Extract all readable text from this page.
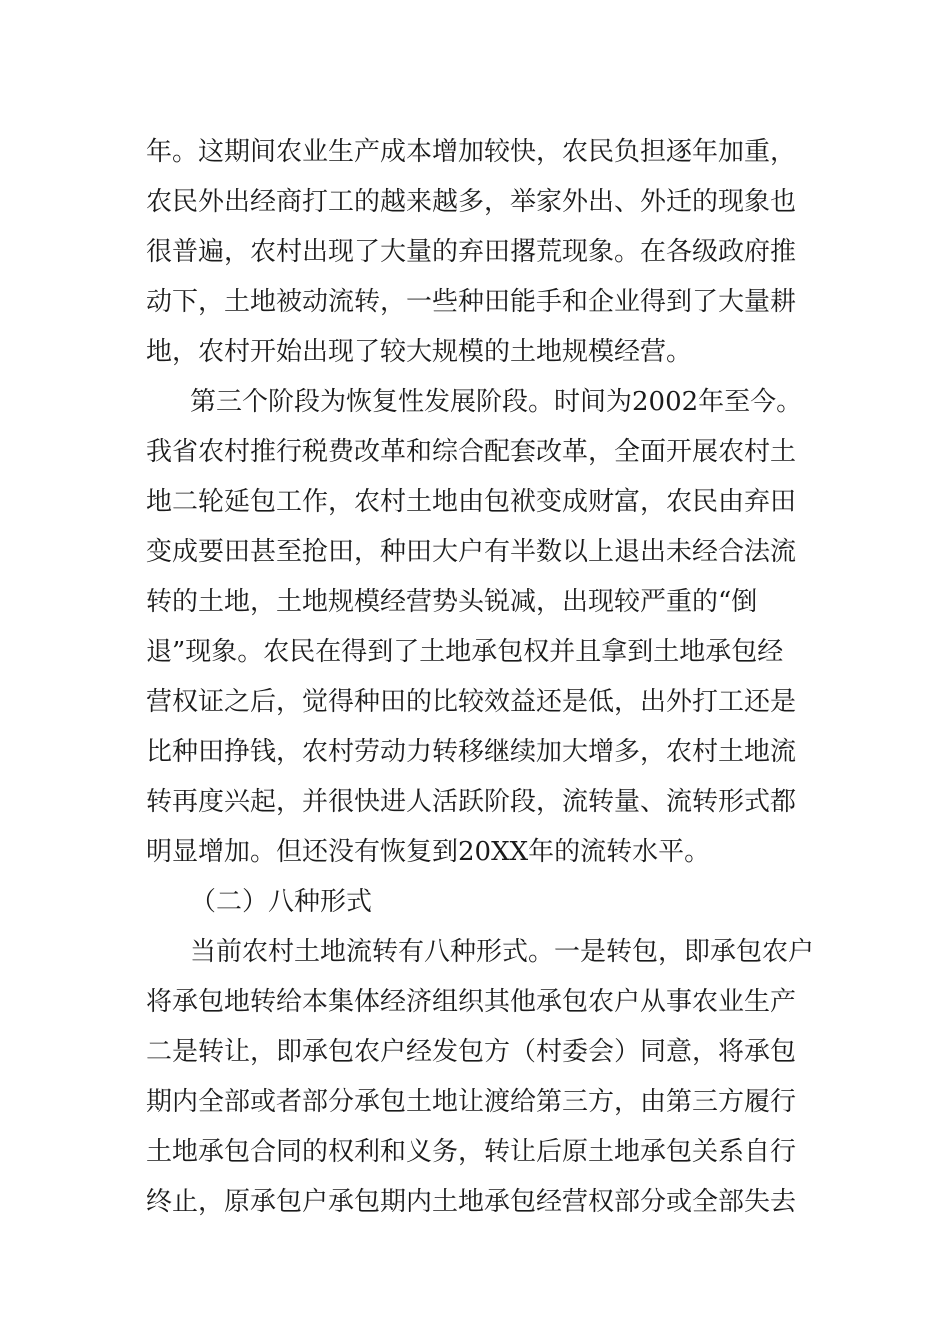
年。这期间农业生产成本增加较快，农民负担逐年加重，
农民外出经商打工的越来越多，举家外出、外迁的现象也
很普遍，农村出现了大量的弃田撂荒现象。在各级政府推
动下，土地被动流转，一些种田能手和企业得到了大量耕
地，农村开始出现了较大规模的土地规模经营。
第三个阶段为恢复性发展阶段。时间为2002年至今。
我省农村推行税费改革和综合配套改革，全面开展农村土
地二轮延包工作，农村土地由包袱变成财富，农民由弃田
变成要田甚至抢田，种田大户有半数以上退出未经合法流
转的土地，土地规模经营势头锐减，出现较严重的“倒
退”现象。农民在得到了土地承包权并且拿到土地承包经
营权证之后，觉得种田的比较效益还是低，出外打工还是
比种田挣钱，农村劳动力转移继续加大增多，农村土地流
转再度兴起，并很快进人活跃阶段，流转量、流转形式都
明显增加。但还没有恢复到20XX年的流转水平。
（二）八种形式
当前农村土地流转有八种形式。一是转包，即承包农户
将承包地转给本集体经济组织其他承包农户从事农业生产
二是转让，即承包农户经发包方（村委会）同意，将承包
期内全部或者部分承包土地让渡给第三方，由第三方履行
土地承包合同的权利和义务，转让后原土地承包关系自行
终止，原承包户承包期内土地承包经营权部分或全部失去
